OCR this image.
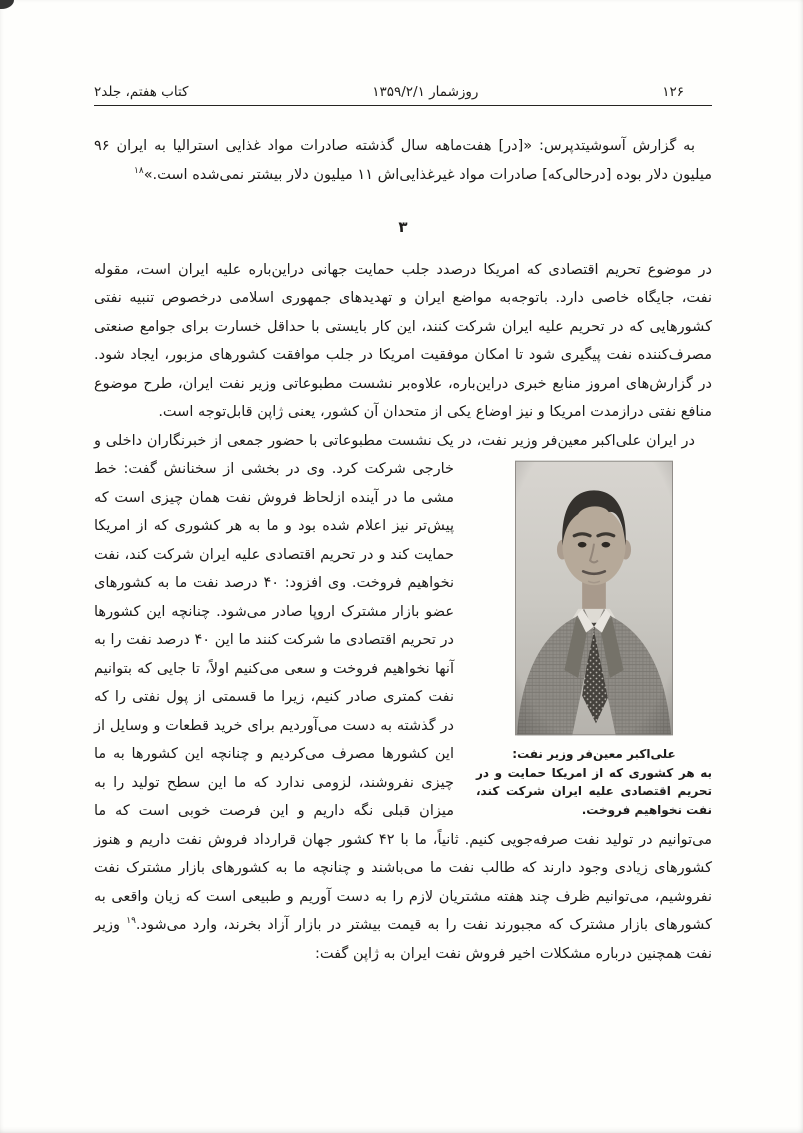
۱۲۶
روزشمار ۱۳۵۹/۲/۱
کتاب هفتم، جلد۲

به گزارش آسوشیتدپرس: «[در] هفت‌ماهه سال گذشته صادرات مواد غذایی استرالیا به ایران ۹۶ میلیون دلار بوده [درحالی‌که] صادرات مواد غیرغذایی‌اش ۱۱ میلیون دلار بیشتر نمی‌شده است.»$^{۱۸}$

۳

در موضوع تحریم اقتصادی که امریکا درصدد جلب حمایت جهانی دراین‌باره علیه ایران است، مقوله نفت، جایگاه خاصی دارد. باتوجه‌به مواضع ایران و تهدیدهای جمهوری اسلامی درخصوص تنبیه نفتی کشورهایی که در تحریم علیه ایران شرکت کنند، این کار بایستی با حداقل خسارت برای جوامع صنعتی مصرف‌کننده نفت پیگیری شود تا امکان موفقیت امریکا در جلب موافقت کشورهای مزبور، ایجاد شود. در گزارش‌های امروز منابع خبری دراین‌باره، علاوه‌بر نشست مطبوعاتی وزیر نفت ایران، طرح موضوع منافع نفتی درازمدت امریکا و نیز اوضاع یکی از متحدان آن کشور، یعنی ژاپن قابل‌توجه است.

در ایران علی‌اکبر معین‌فر وزیر نفت، در یک نشست مطبوعاتی با حضور جمعی از خبرنگاران
علی‌اکبر معین‌فر وزیر نفت:
به هر کشوری که از امریکا حمایت و در تحریم اقتصادی علیه ایران شرکت کند، نفت نخواهیم فروخت.
داخلی و خارجی شرکت کرد. وی در بخشی از سخنانش گفت: خط مشی ما در آینده ازلحاظ فروش نفت همان چیزی است که پیش‌تر نیز اعلام شده بود و ما به هر کشوری که از امریکا حمایت کند و در تحریم اقتصادی علیه ایران شرکت کند، نفت نخواهیم فروخت. وی افزود: ۴۰ درصد نفت ما به کشورهای عضو بازار مشترک اروپا صادر می‌شود. چنانچه این کشورها در تحریم اقتصادی ما شرکت کنند ما این ۴۰ درصد نفت را به آنها نخواهیم فروخت و سعی می‌کنیم اولاً، تا جایی که بتوانیم نفت کمتری صادر کنیم، زیرا ما قسمتی از پول نفتی را که در گذشته به دست می‌آوردیم برای خرید قطعات و وسایل از این کشورها مصرف می‌کردیم و چنانچه این کشورها به ما چیزی نفروشند، لزومی ندارد که ما این سطح تولید را به میزان قبلی نگه داریم و این فرصت خوبی است که ما می‌توانیم در تولید نفت صرفه‌جویی کنیم. ثانیاً، ما با ۴۲ کشور جهان قرارداد فروش نفت داریم و هنوز کشورهای زیادی وجود دارند که طالب نفت ما می‌باشند و چنانچه ما به کشورهای بازار مشترک نفت نفروشیم، می‌توانیم ظرف چند هفته مشتریان لازم را به دست آوریم و طبیعی است که زیان واقعی به کشورهای بازار مشترک که مجبورند نفت را به قیمت بیشتر در بازار آزاد بخرند، وارد می‌شود.$^{۱۹}$ وزیر نفت همچنین درباره مشکلات اخیر فروش نفت ایران به ژاپن گفت:
